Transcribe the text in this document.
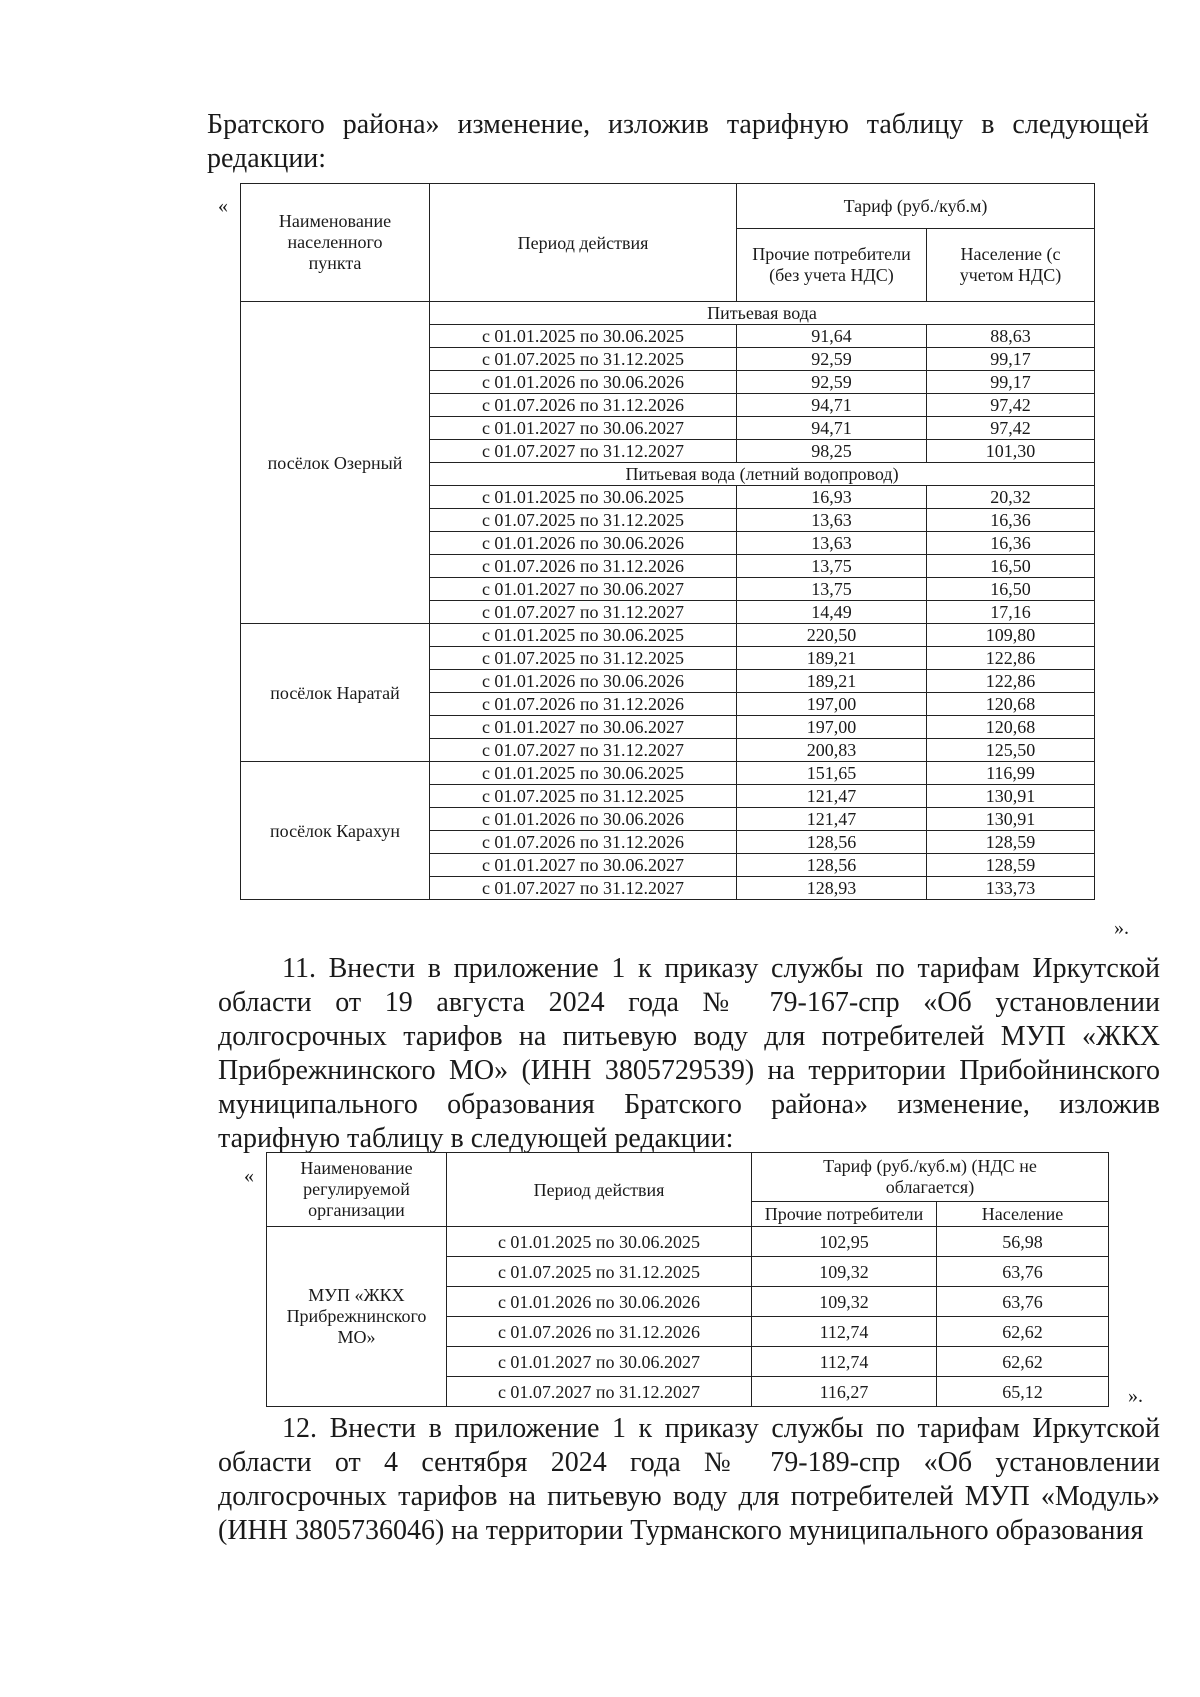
Братского района» изменение, изложив тарифную таблицу в следующей редакции:

«
Наименование населенного пункта	Период действия	Тариф (руб./куб.м)	
		Прочие потребители (без учета НДС)	Население (с учетом НДС)
посёлок Озерный	Питьевая вода		
	с 01.01.2025 по 30.06.2025	91,64	88,63
	с 01.07.2025 по 31.12.2025	92,59	99,17
	с 01.01.2026 по 30.06.2026	92,59	99,17
	с 01.07.2026 по 31.12.2026	94,71	97,42
	с 01.01.2027 по 30.06.2027	94,71	97,42
	с 01.07.2027 по 31.12.2027	98,25	101,30
	Питьевая вода (летний водопровод)		
	с 01.01.2025 по 30.06.2025	16,93	20,32
	с 01.07.2025 по 31.12.2025	13,63	16,36
	с 01.01.2026 по 30.06.2026	13,63	16,36
	с 01.07.2026 по 31.12.2026	13,75	16,50
	с 01.01.2027 по 30.06.2027	13,75	16,50
	с 01.07.2027 по 31.12.2027	14,49	17,16
посёлок Наратай	с 01.01.2025 по 30.06.2025	220,50	109,80
	с 01.07.2025 по 31.12.2025	189,21	122,86
	с 01.01.2026 по 30.06.2026	189,21	122,86
	с 01.07.2026 по 31.12.2026	197,00	120,68
	с 01.01.2027 по 30.06.2027	197,00	120,68
	с 01.07.2027 по 31.12.2027	200,83	125,50
посёлок Карахун	с 01.01.2025 по 30.06.2025	151,65	116,99
	с 01.07.2025 по 31.12.2025	121,47	130,91
	с 01.01.2026 по 30.06.2026	121,47	130,91
	с 01.07.2026 по 31.12.2026	128,56	128,59
	с 01.01.2027 по 30.06.2027	128,56	128,59
	с 01.07.2027 по 31.12.2027	128,93	133,73
».

11. Внести в приложение 1 к приказу службы по тарифам Иркутской области от 19 августа 2024 года № 79-167-спр «Об установлении долгосрочных тарифов на питьевую воду для потребителей МУП «ЖКХ Прибрежнинского МО» (ИНН 3805729539) на территории Прибойнинского муниципального образования Братского района» изменение, изложив тарифную таблицу в следующей редакции:

«	Наименование регулируемой организации	Период действия	Тариф (руб./куб.м) (НДС не облагается)	
		Прочие потребители	Население
МУП «ЖКХ Прибрежнинского МО»	с 01.01.2025 по 30.06.2025	102,95	56,98
	с 01.07.2025 по 31.12.2025	109,32	63,76
	с 01.01.2026 по 30.06.2026	109,32	63,76
	с 01.07.2026 по 31.12.2026	112,74	62,62
	с 01.01.2027 по 30.06.2027	112,74	62,62
	с 01.07.2027 по 31.12.2027	116,27	65,12	».

12. Внести в приложение 1 к приказу службы по тарифам Иркутской области от 4 сентября 2024 года № 79-189-спр «Об установлении долгосрочных тарифов на питьевую воду для потребителей МУП «Модуль» (ИНН 3805736046) на территории Турманского муниципального образования
